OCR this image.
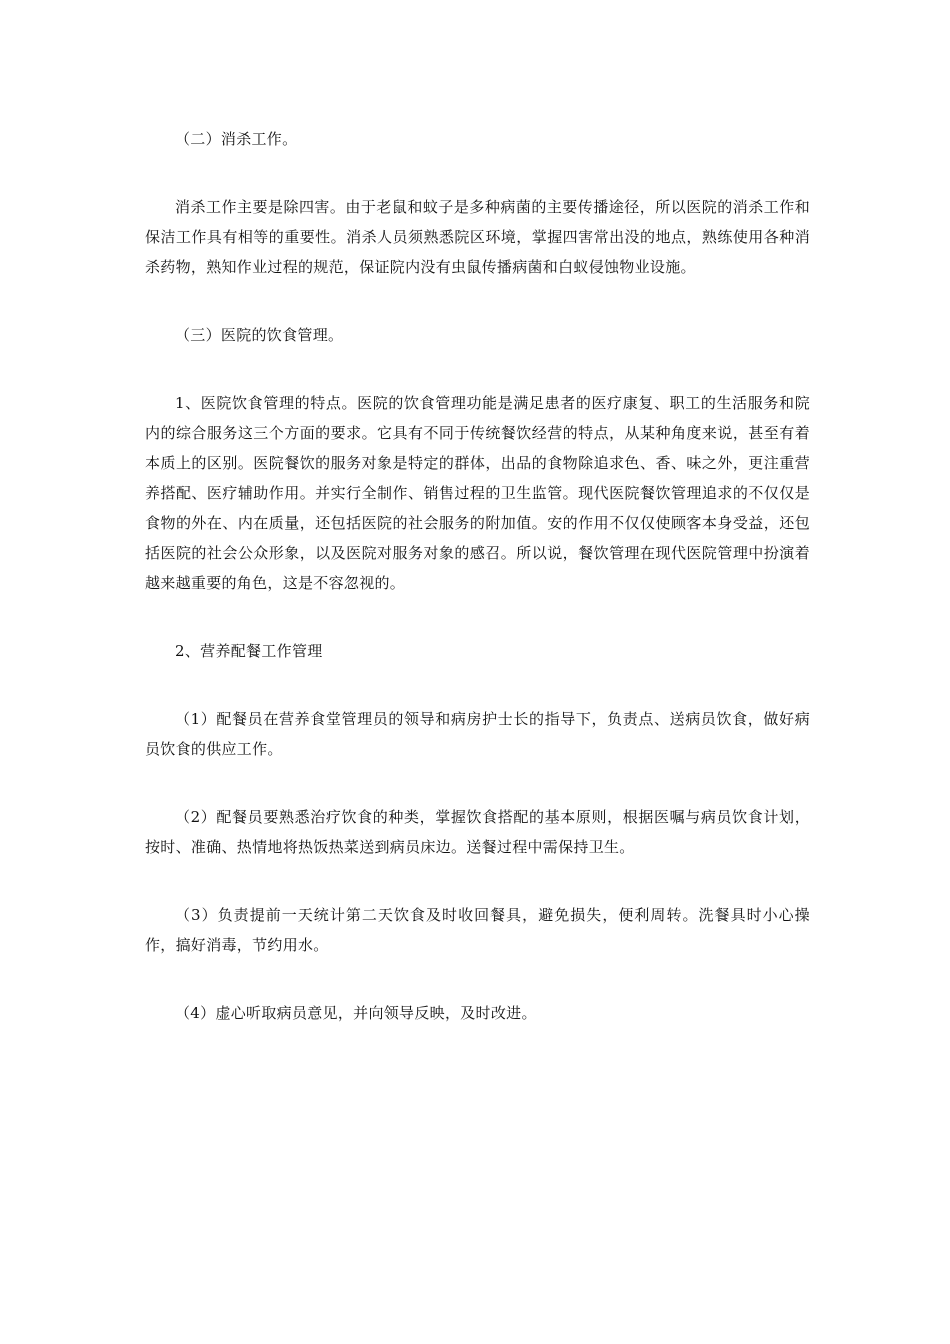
（二）消杀工作。

消杀工作主要是除四害。由于老鼠和蚊子是多种病菌的主要传播途径，所以医院的消杀工作和保洁工作具有相等的重要性。消杀人员须熟悉院区环境，掌握四害常出没的地点，熟练使用各种消杀药物，熟知作业过程的规范，保证院内没有虫鼠传播病菌和白蚁侵蚀物业设施。

（三）医院的饮食管理。

1、医院饮食管理的特点。医院的饮食管理功能是满足患者的医疗康复、职工的生活服务和院内的综合服务这三个方面的要求。它具有不同于传统餐饮经营的特点，从某种角度来说，甚至有着本质上的区别。医院餐饮的服务对象是特定的群体，出品的食物除追求色、香、味之外，更注重营养搭配、医疗辅助作用。并实行全制作、销售过程的卫生监管。现代医院餐饮管理追求的不仅仅是食物的外在、内在质量，还包括医院的社会服务的附加值。安的作用不仅仅使顾客本身受益，还包括医院的社会公众形象，以及医院对服务对象的感召。所以说，餐饮管理在现代医院管理中扮演着越来越重要的角色，这是不容忽视的。

2、营养配餐工作管理

（1）配餐员在营养食堂管理员的领导和病房护士长的指导下，负责点、送病员饮食，做好病员饮食的供应工作。

（2）配餐员要熟悉治疗饮食的种类，掌握饮食搭配的基本原则，根据医嘱与病员饮食计划，按时、准确、热情地将热饭热菜送到病员床边。送餐过程中需保持卫生。

（3）负责提前一天统计第二天饮食及时收回餐具，避免损失，便利周转。洗餐具时小心操作，搞好消毒，节约用水。

（4）虚心听取病员意见，并向领导反映，及时改进。
